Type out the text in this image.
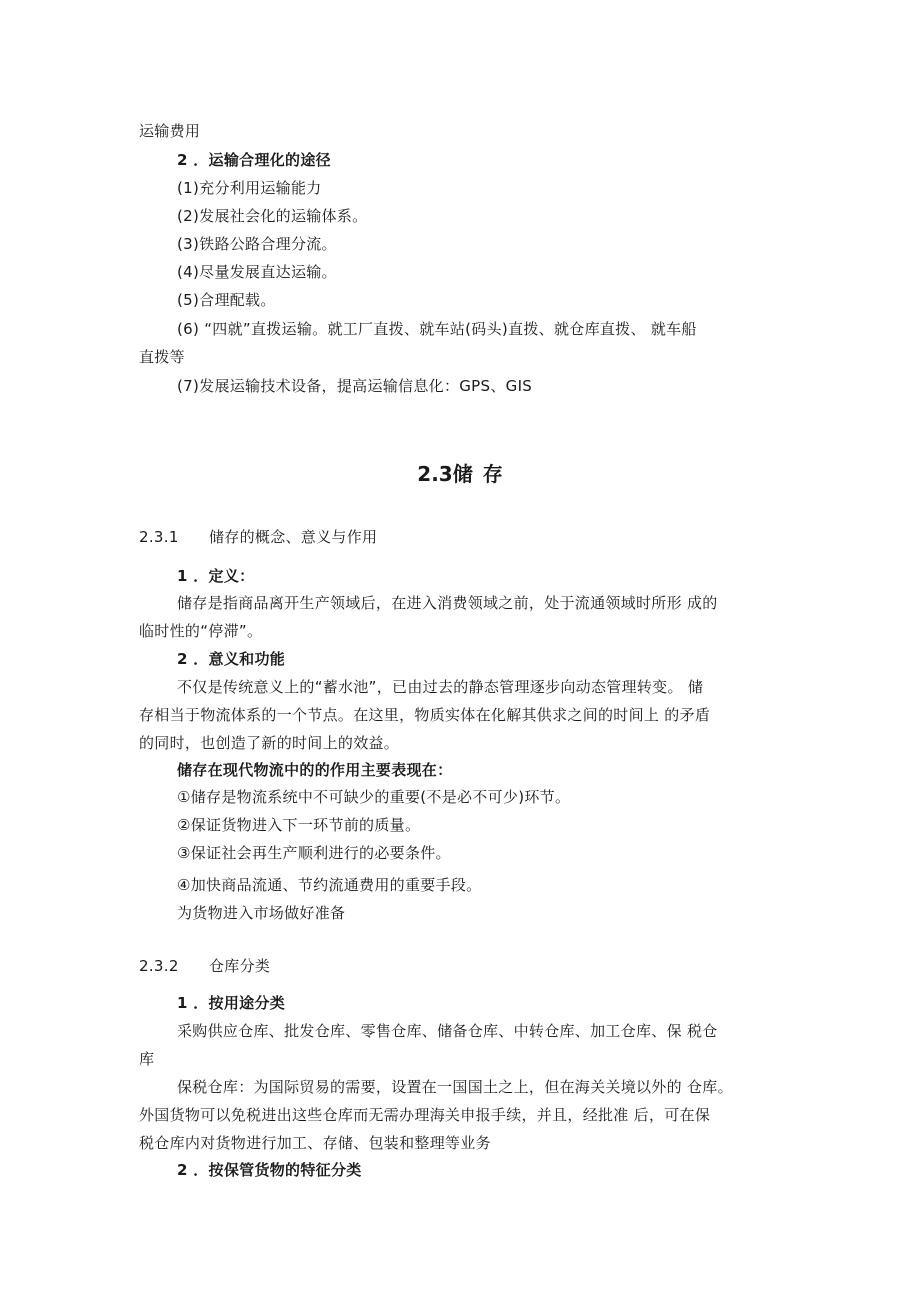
运输费用
2 ．运输合理化的途径
(1)充分利用运输能力
(2)发展社会化的运输体系。
(3)铁路公路合理分流。
(4)尽量发展直达运输。
(5)合理配载。
(6) “四就”直拨运输。就工厂直拨、就车站(码头)直拨、就仓库直拨、 就车船
直拨等
(7)发展运输技术设备，提高运输信息化：GPS、GIS
2.3储 存
2.3.1 储存的概念、意义与作用
1 ．定义：
储存是指商品离开生产领域后，在进入消费领域之前，处于流通领域时所形 成的
临时性的“停滞”。
2 ．意义和功能
不仅是传统意义上的“蓄水池”，已由过去的静态管理逐步向动态管理转变。 储
存相当于物流体系的一个节点。在这里，物质实体在化解其供求之间的时间上 的矛盾
的同时，也创造了新的时间上的效益。
储存在现代物流中的的作用主要表现在：
①储存是物流系统中不可缺少的重要(不是必不可少)环节。
②保证货物进入下一环节前的质量。
③保证社会再生产顺利进行的必要条件。
④加快商品流通、节约流通费用的重要手段。
为货物进入市场做好准备
2.3.2 仓库分类
1 ．按用途分类
采购供应仓库、批发仓库、零售仓库、储备仓库、中转仓库、加工仓库、保 税仓
库
保税仓库：为国际贸易的需要，设置在一国国土之上，但在海关关境以外的 仓库。
外国货物可以免税进出这些仓库而无需办理海关申报手续，并且，经批准 后，可在保
税仓库内对货物进行加工、存储、包装和整理等业务
2 ．按保管货物的特征分类
